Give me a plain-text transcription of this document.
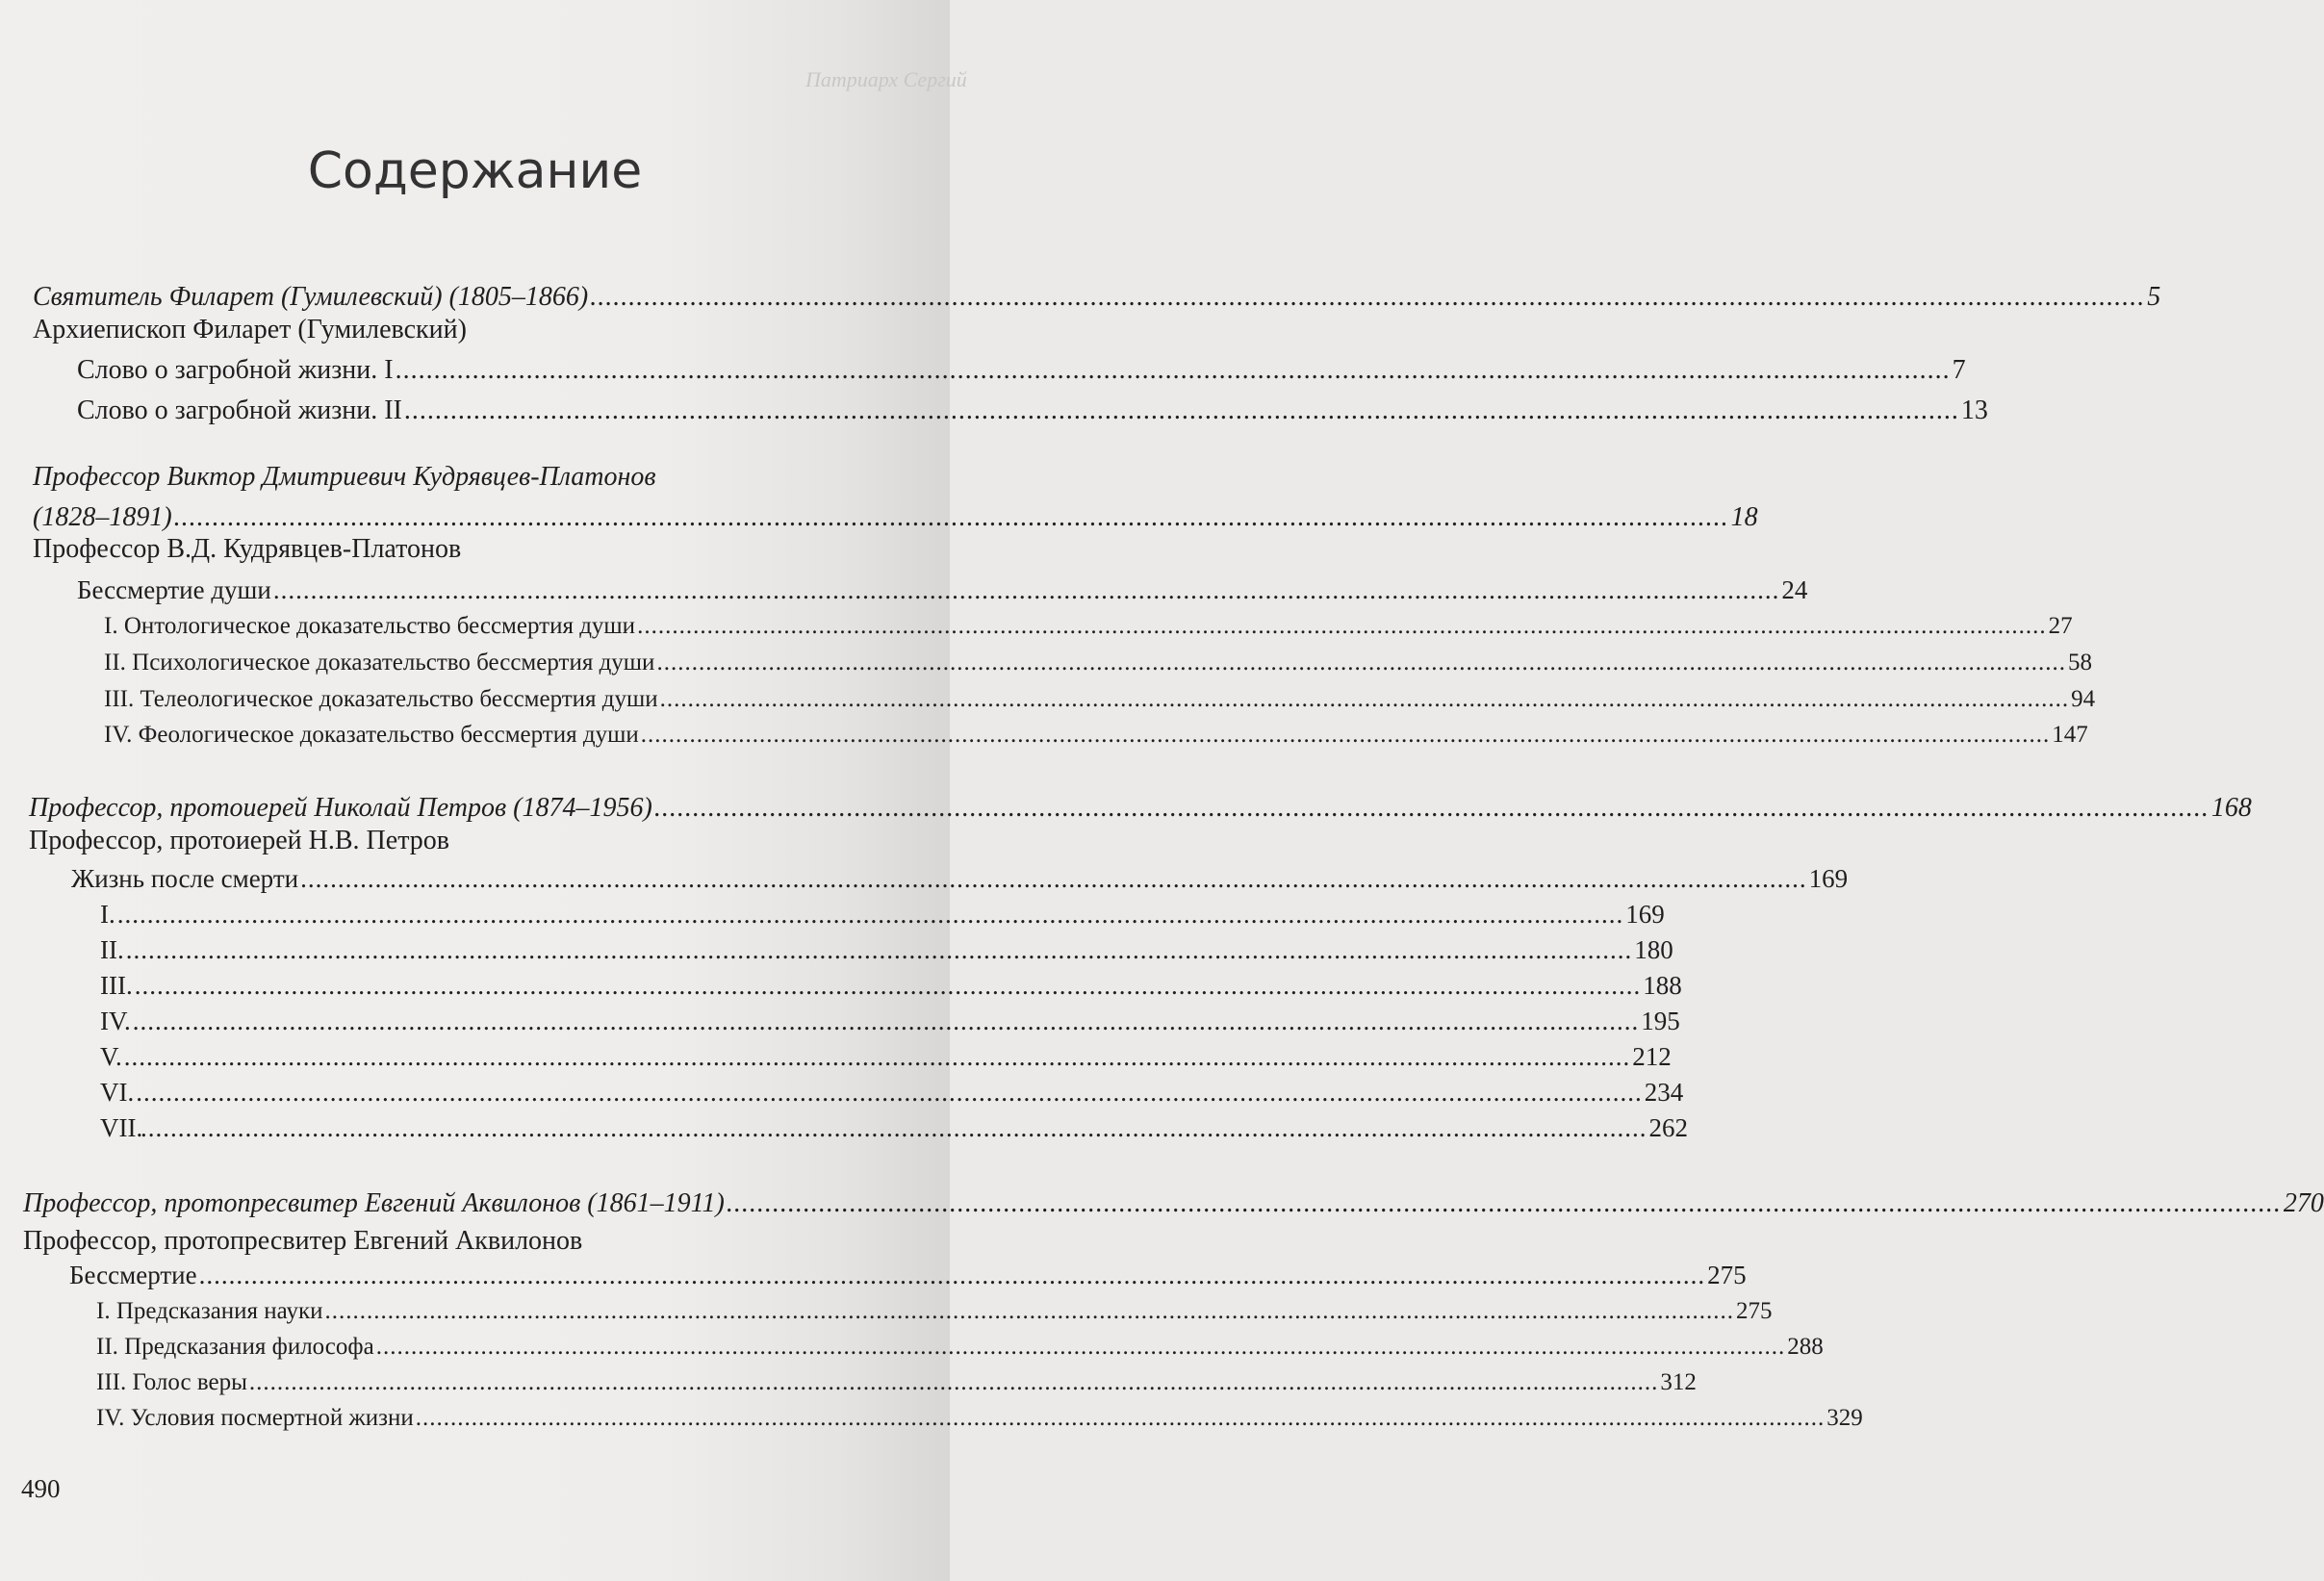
Патриарх Сергий
Содержание
Святитель Филарет (Гумилевский) (1805–1866) .....	5
Архиепископ Филарет (Гумилевский)
Слово о загробной жизни. I .....	7
Слово о загробной жизни. II .....	13
Профессор Виктор Дмитриевич Кудрявцев-Платонов
(1828–1891) .....	18
Профессор В.Д. Кудрявцев-Платонов
Бессмертие души .....	24
I. Онтологическое доказательство бессмертия души .....	27
II. Психологическое доказательство бессмертия души .....	58
III. Телеологическое доказательство бессмертия души .....	94
IV. Феологическое доказательство бессмертия души .....	147
Профессор, протоиерей Николай Петров (1874–1956) .....	168
Профессор, протоиерей Н.В. Петров
Жизнь после смерти .....	169
I. .....	169
II. .....	180
III. .....	188
IV. .....	195
V. .....	212
VI. .....	234
VII. .....	262
Профессор, протопресвитер Евгений Аквилонов (1861–1911) .....	270
Профессор, протопресвитер Евгений Аквилонов
Бессмертие .....	275
I. Предсказания науки .....	275
II. Предсказания философа .....	288
III. Голос веры .....	312
IV. Условия посмертной жизни .....	329
490
